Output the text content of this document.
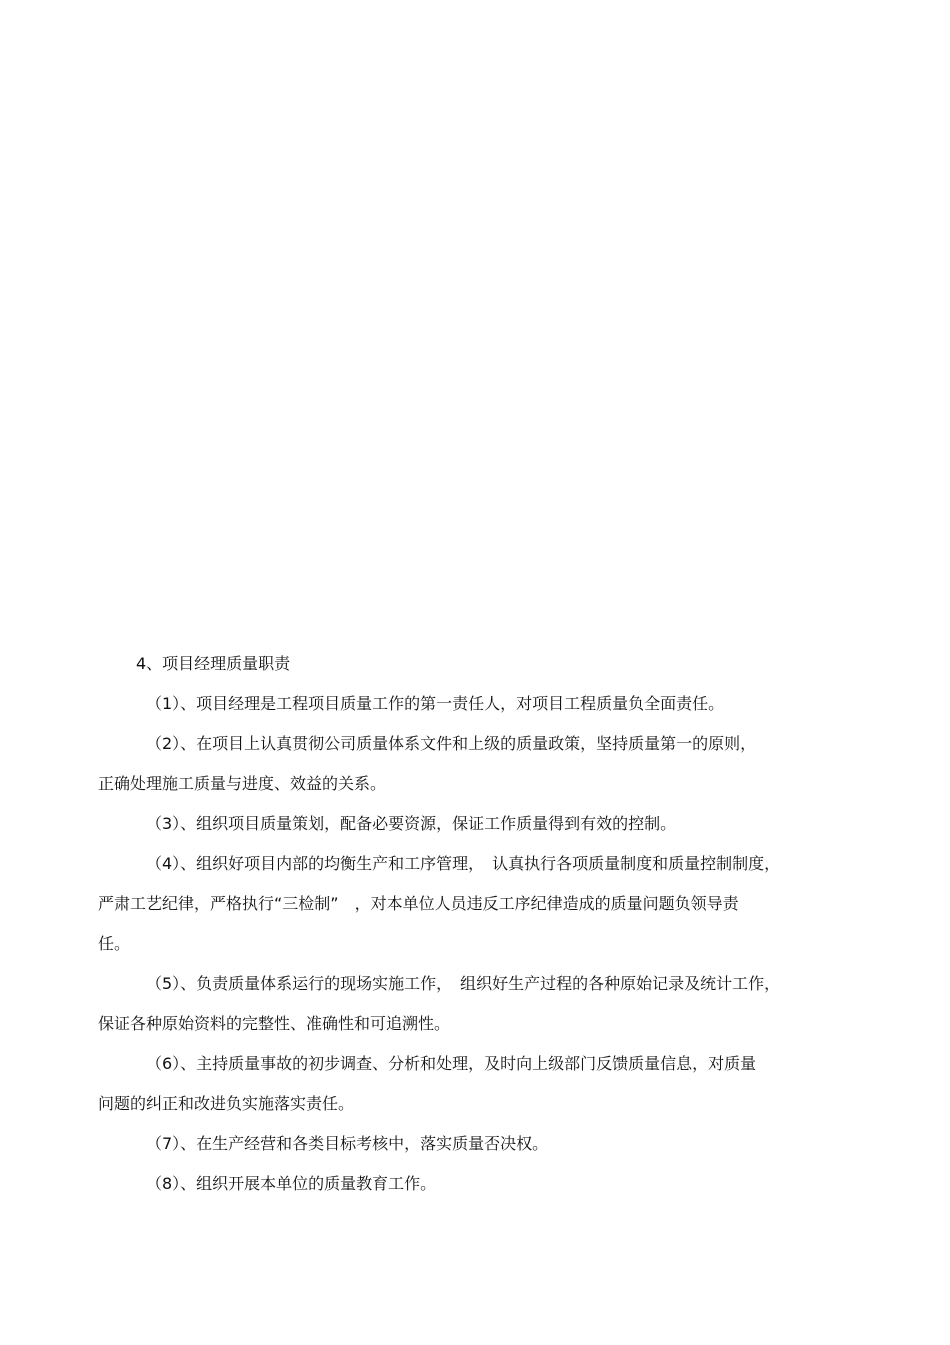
4、项目经理质量职责

（1）、项目经理是工程项目质量工作的第一责任人，对项目工程质量负全面责任。

（2）、在项目上认真贯彻公司质量体系文件和上级的质量政策，坚持质量第一的原则，
正确处理施工质量与进度、效益的关系。

（3）、组织项目质量策划，配备必要资源，保证工作质量得到有效的控制。

（4）、组织好项目内部的均衡生产和工序管理，　认真执行各项质量制度和质量控制制度，
严肃工艺纪律，严格执行“三检制”　，对本单位人员违反工序纪律造成的质量问题负领导责
任。

（5）、负责质量体系运行的现场实施工作，　组织好生产过程的各种原始记录及统计工作，
保证各种原始资料的完整性、准确性和可追溯性。

（6）、主持质量事故的初步调查、分析和处理，及时向上级部门反馈质量信息，对质量
问题的纠正和改进负实施落实责任。

（7）、在生产经营和各类目标考核中，落实质量否决权。

（8）、组织开展本单位的质量教育工作。
